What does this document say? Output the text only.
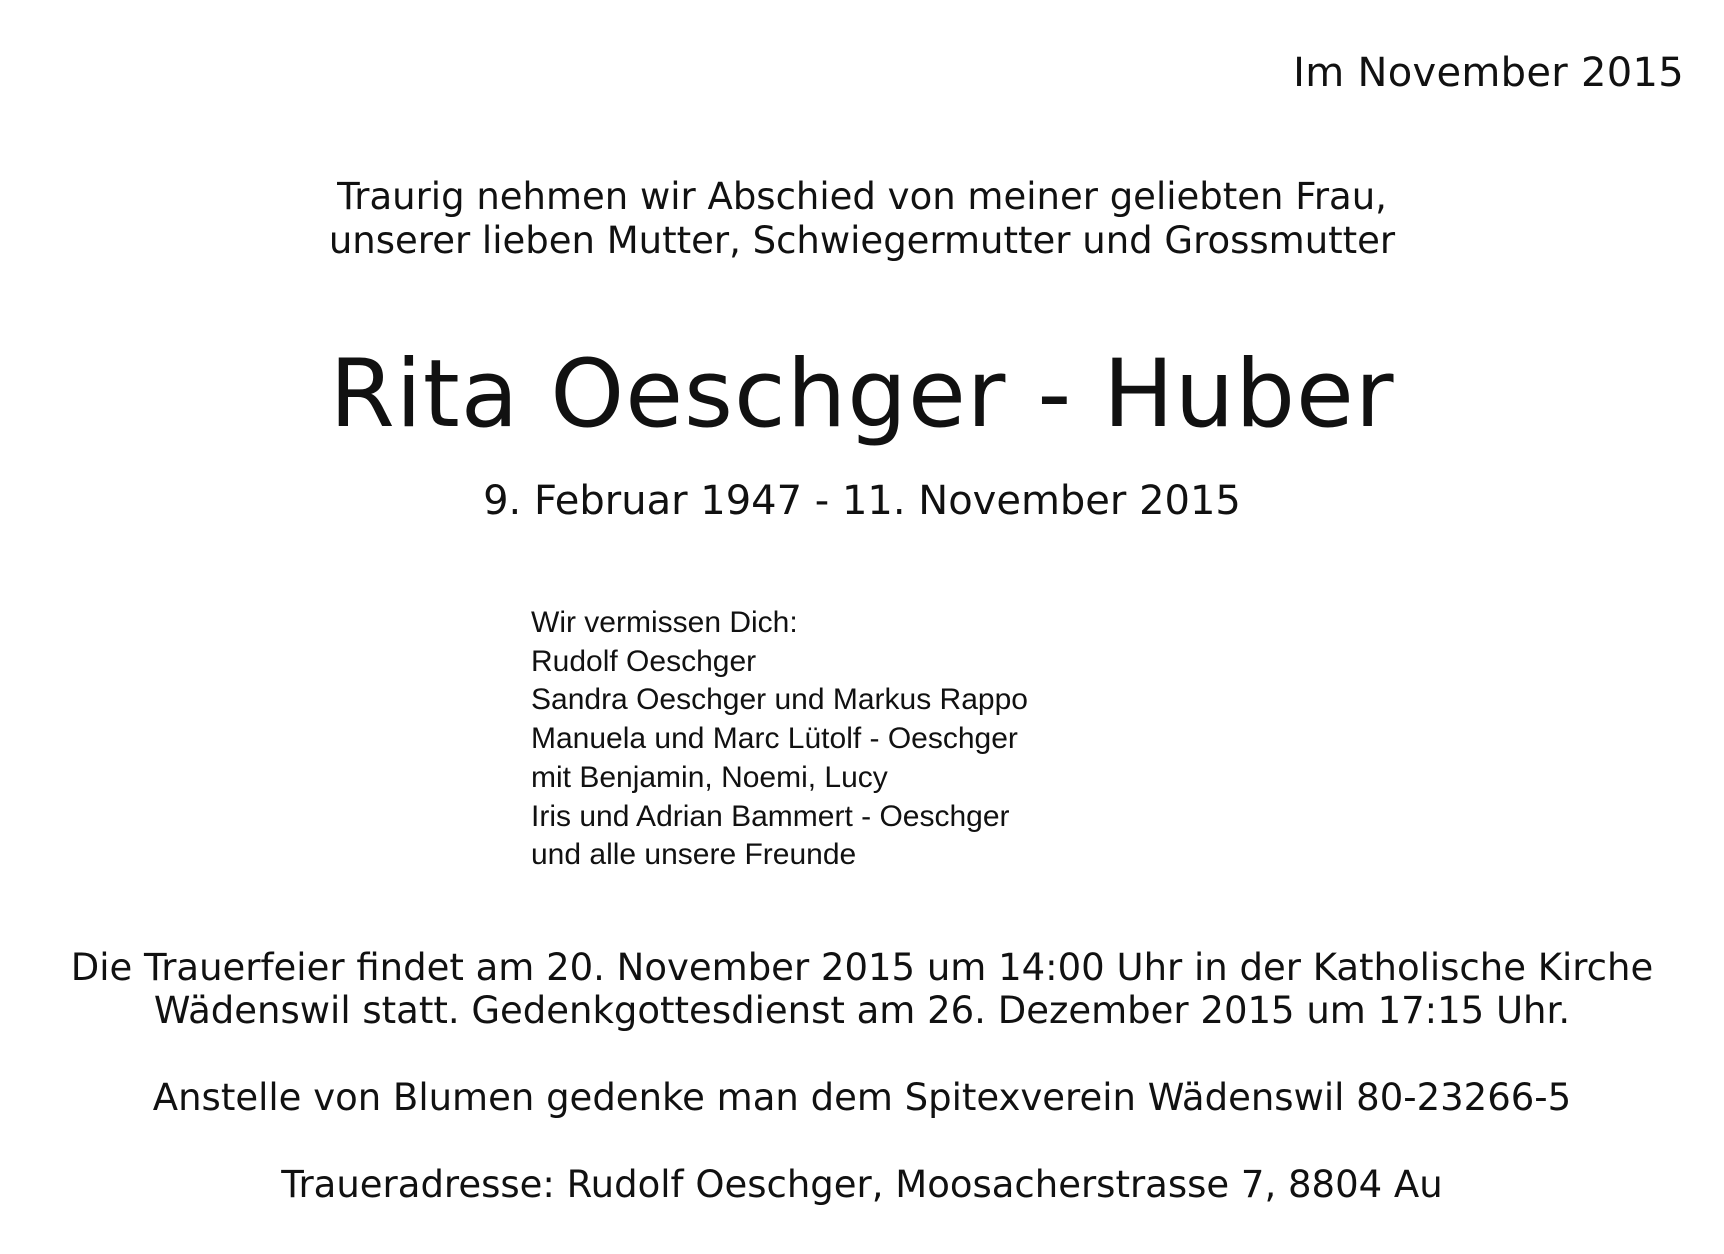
Im November 2015
Traurig nehmen wir Abschied von meiner geliebten Frau,
unserer lieben Mutter, Schwiegermutter und Grossmutter
Rita Oeschger - Huber
9. Februar 1947 - 11. November 2015
Wir vermissen Dich:
Rudolf Oeschger
Sandra Oeschger und Markus Rappo
Manuela und Marc Lütolf - Oeschger
mit Benjamin, Noemi, Lucy
Iris und Adrian Bammert - Oeschger
und alle unsere Freunde
Die Trauerfeier findet am 20. November 2015 um 14:00 Uhr in der Katholische Kirche
Wädenswil statt. Gedenkgottesdienst am 26. Dezember 2015 um 17:15 Uhr.
Anstelle von Blumen gedenke man dem Spitexverein Wädenswil 80-23266-5
Traueradresse: Rudolf Oeschger, Moosacherstrasse 7, 8804 Au
